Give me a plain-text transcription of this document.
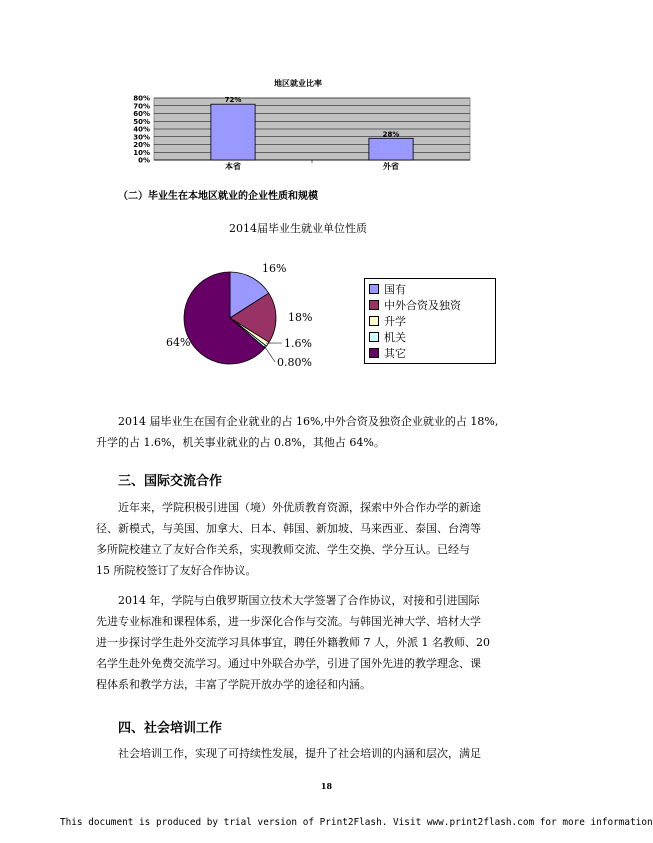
地区就业比率
80%
70%
60%
50%
40%
30%
20%
10%
0%
72%
本省
28%
外省
（二）毕业生在本地区就业的企业性质和规模
2014届毕业生就业单位性质
16%
18%
1.6%
0.80%
64%
国有
中外合资及独资
升学
机关
其它
2014 届毕业生在国有企业就业的占 16%,中外合资及独资企业就业的占 18%,
升学的占 1.6%，机关事业就业的占 0.8%，其他占 64%。
三、国际交流合作
近年来，学院积极引进国（境）外优质教育资源，探索中外合作办学的新途
径、新模式，与美国、加拿大、日本、韩国、新加坡、马来西亚、泰国、台湾等
多所院校建立了友好合作关系，实现教师交流、学生交换、学分互认。已经与
15 所院校签订了友好合作协议。
2014 年，学院与白俄罗斯国立技术大学签署了合作协议，对接和引进国际
先进专业标准和课程体系，进一步深化合作与交流。与韩国光神大学、培材大学
进一步探讨学生赴外交流学习具体事宜，聘任外籍教师 7 人，外派 1 名教师、20
名学生赴外免费交流学习。通过中外联合办学，引进了国外先进的教学理念、课
程体系和教学方法，丰富了学院开放办学的途径和内涵。
四、社会培训工作
社会培训工作，实现了可持续性发展，提升了社会培训的内涵和层次，满足
18
This document is produced by trial version of Print2Flash. Visit www.print2flash.com for more information
